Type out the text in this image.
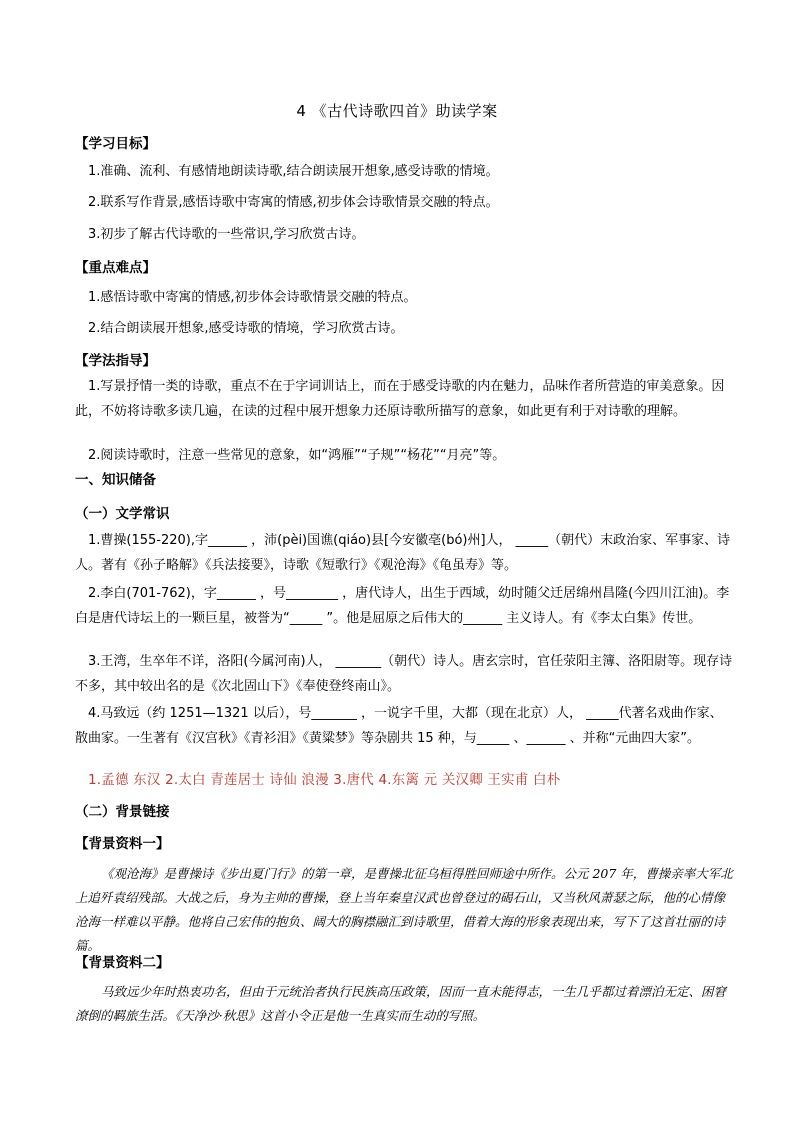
4 《古代诗歌四首》助读学案
【学习目标】
1.准确、流利、有感情地朗读诗歌,结合朗读展开想象,感受诗歌的情境。
2.联系写作背景,感悟诗歌中寄寓的情感,初步体会诗歌情景交融的特点。
3.初步了解古代诗歌的一些常识,学习欣赏古诗。
【重点难点】
1.感悟诗歌中寄寓的情感,初步体会诗歌情景交融的特点。
2.结合朗读展开想象,感受诗歌的情境，学习欣赏古诗。
【学法指导】
1.写景抒情一类的诗歌，重点不在于字词训诂上，而在于感受诗歌的内在魅力，品味作者所营造的审美意象。因此，不妨将诗歌多读几遍，在读的过程中展开想象力还原诗歌所描写的意象，如此更有利于对诗歌的理解。
2.阅读诗歌时，注意一些常见的意象，如“鸿雁”“子规”“杨花”“月亮”等。
一、知识储备
（一）文学常识
1.曹操(155-220),字______ ，沛(pèi)国谯(qiáo)县[今安徽亳(bó)州]人， _____（朝代）末政治家、军事家、诗人。著有《孙子略解》《兵法接要》，诗歌《短歌行》《观沧海》《龟虽寿》等。
2.李白(701-762)，字______ ，号________ ，唐代诗人，出生于西域，幼时随父迁居绵州昌隆(今四川江油)。李白是唐代诗坛上的一颗巨星，被誉为“_____ ”。他是屈原之后伟大的______ 主义诗人。有《李太白集》传世。
3.王湾，生卒年不详，洛阳(今属河南)人， _______（朝代）诗人。唐玄宗时，官任荥阳主簿、洛阳尉等。现存诗不多，其中较出名的是《次北固山下》《奉使登终南山》。
4.马致远（约 1251—1321 以后），号_______ ，一说字千里，大都（现在北京）人， _____代著名戏曲作家、散曲家。一生著有《汉宫秋》《青衫泪》《黄粱梦》等杂剧共 15 种，与_____ 、______ 、并称“元曲四大家”。
1.孟德 东汉 2.太白 青莲居士 诗仙 浪漫 3.唐代 4.东篱 元 关汉卿 王实甫 白朴
（二）背景链接
【背景资料一】
《观沧海》是曹操诗《步出夏门行》的第一章，是曹操北征乌桓得胜回师途中所作。公元 207 年，曹操亲率大军北上追歼袁绍残部。大战之后，身为主帅的曹操，登上当年秦皇汉武也曾登过的碣石山，又当秋风萧瑟之际，他的心情像沧海一样难以平静。他将自己宏伟的抱负、阔大的胸襟融汇到诗歌里，借着大海的形象表现出来，写下了这首壮丽的诗篇。
【背景资料二】
马致远少年时热衷功名，但由于元统治者执行民族高压政策，因而一直未能得志，一生几乎都过着漂泊无定、困窘潦倒的羁旅生活。《天净沙·秋思》这首小令正是他一生真实而生动的写照。
